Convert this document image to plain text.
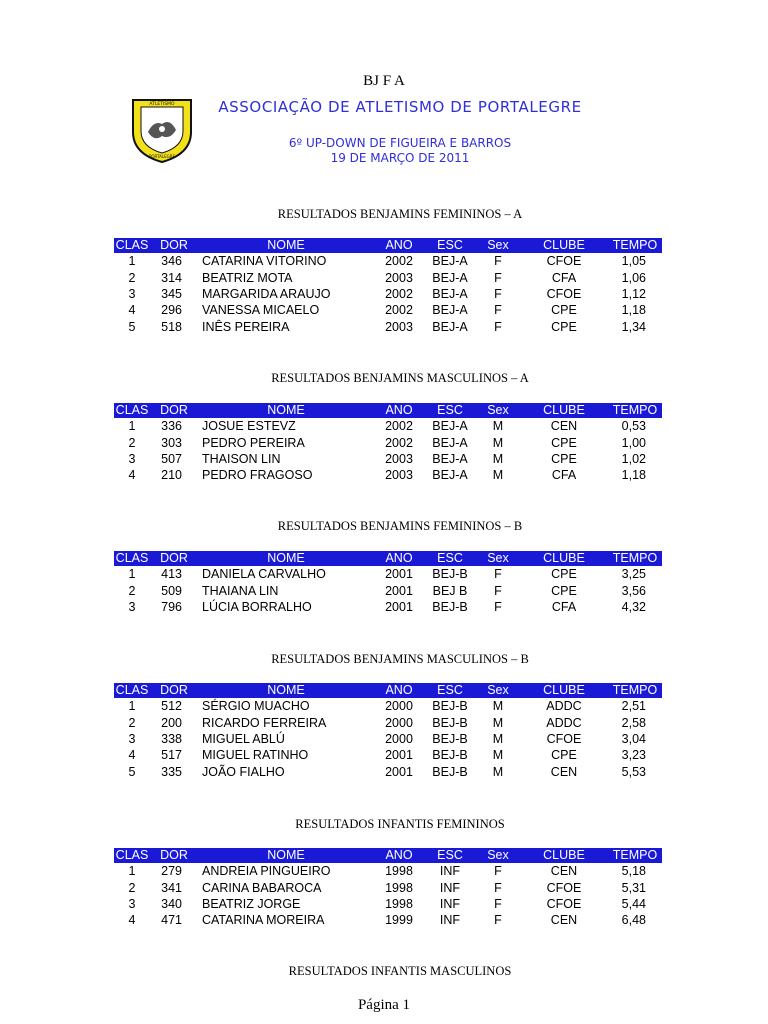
BJ F A
ATLETISMO
PORTALEGRE
ASSOCIAÇÃO DE ATLETISMO DE PORTALEGRE
6º UP-DOWN DE FIGUEIRA E BARROS
19 DE MARÇO DE 2011
RESULTADOS BENJAMINS FEMININOS – A
CLAS	DOR	NOME	ANO	ESC	Sex	CLUBE	TEMPO
1	346	CATARINA VITORINO	2002	BEJ-A	F	CFOE	1,05
2	314	BEATRIZ MOTA	2003	BEJ-A	F	CFA	1,06
3	345	MARGARIDA ARAUJO	2002	BEJ-A	F	CFOE	1,12
4	296	VANESSA MICAELO	2002	BEJ-A	F	CPE	1,18
5	518	INÊS PEREIRA	2003	BEJ-A	F	CPE	1,34
RESULTADOS BENJAMINS MASCULINOS – A
CLAS	DOR	NOME	ANO	ESC	Sex	CLUBE	TEMPO
1	336	JOSUE ESTEVZ	2002	BEJ-A	M	CEN	0,53
2	303	PEDRO PEREIRA	2002	BEJ-A	M	CPE	1,00
3	507	THAISON LIN	2003	BEJ-A	M	CPE	1,02
4	210	PEDRO FRAGOSO	2003	BEJ-A	M	CFA	1,18
RESULTADOS BENJAMINS FEMININOS – B
CLAS	DOR	NOME	ANO	ESC	Sex	CLUBE	TEMPO
1	413	DANIELA CARVALHO	2001	BEJ-B	F	CPE	3,25
2	509	THAIANA LIN	2001	BEJ B	F	CPE	3,56
3	796	LÚCIA BORRALHO	2001	BEJ-B	F	CFA	4,32
RESULTADOS BENJAMINS MASCULINOS – B
CLAS	DOR	NOME	ANO	ESC	Sex	CLUBE	TEMPO
1	512	SÉRGIO MUACHO	2000	BEJ-B	M	ADDC	2,51
2	200	RICARDO FERREIRA	2000	BEJ-B	M	ADDC	2,58
3	338	MIGUEL ABLÚ	2000	BEJ-B	M	CFOE	3,04
4	517	MIGUEL RATINHO	2001	BEJ-B	M	CPE	3,23
5	335	JOÃO FIALHO	2001	BEJ-B	M	CEN	5,53
RESULTADOS INFANTIS FEMININOS
CLAS	DOR	NOME	ANO	ESC	Sex	CLUBE	TEMPO
1	279	ANDREIA PINGUEIRO	1998	INF	F	CEN	5,18
2	341	CARINA BABAROCA	1998	INF	F	CFOE	5,31
3	340	BEATRIZ JORGE	1998	INF	F	CFOE	5,44
4	471	CATARINA MOREIRA	1999	INF	F	CEN	6,48
RESULTADOS INFANTIS MASCULINOS
Página 1
